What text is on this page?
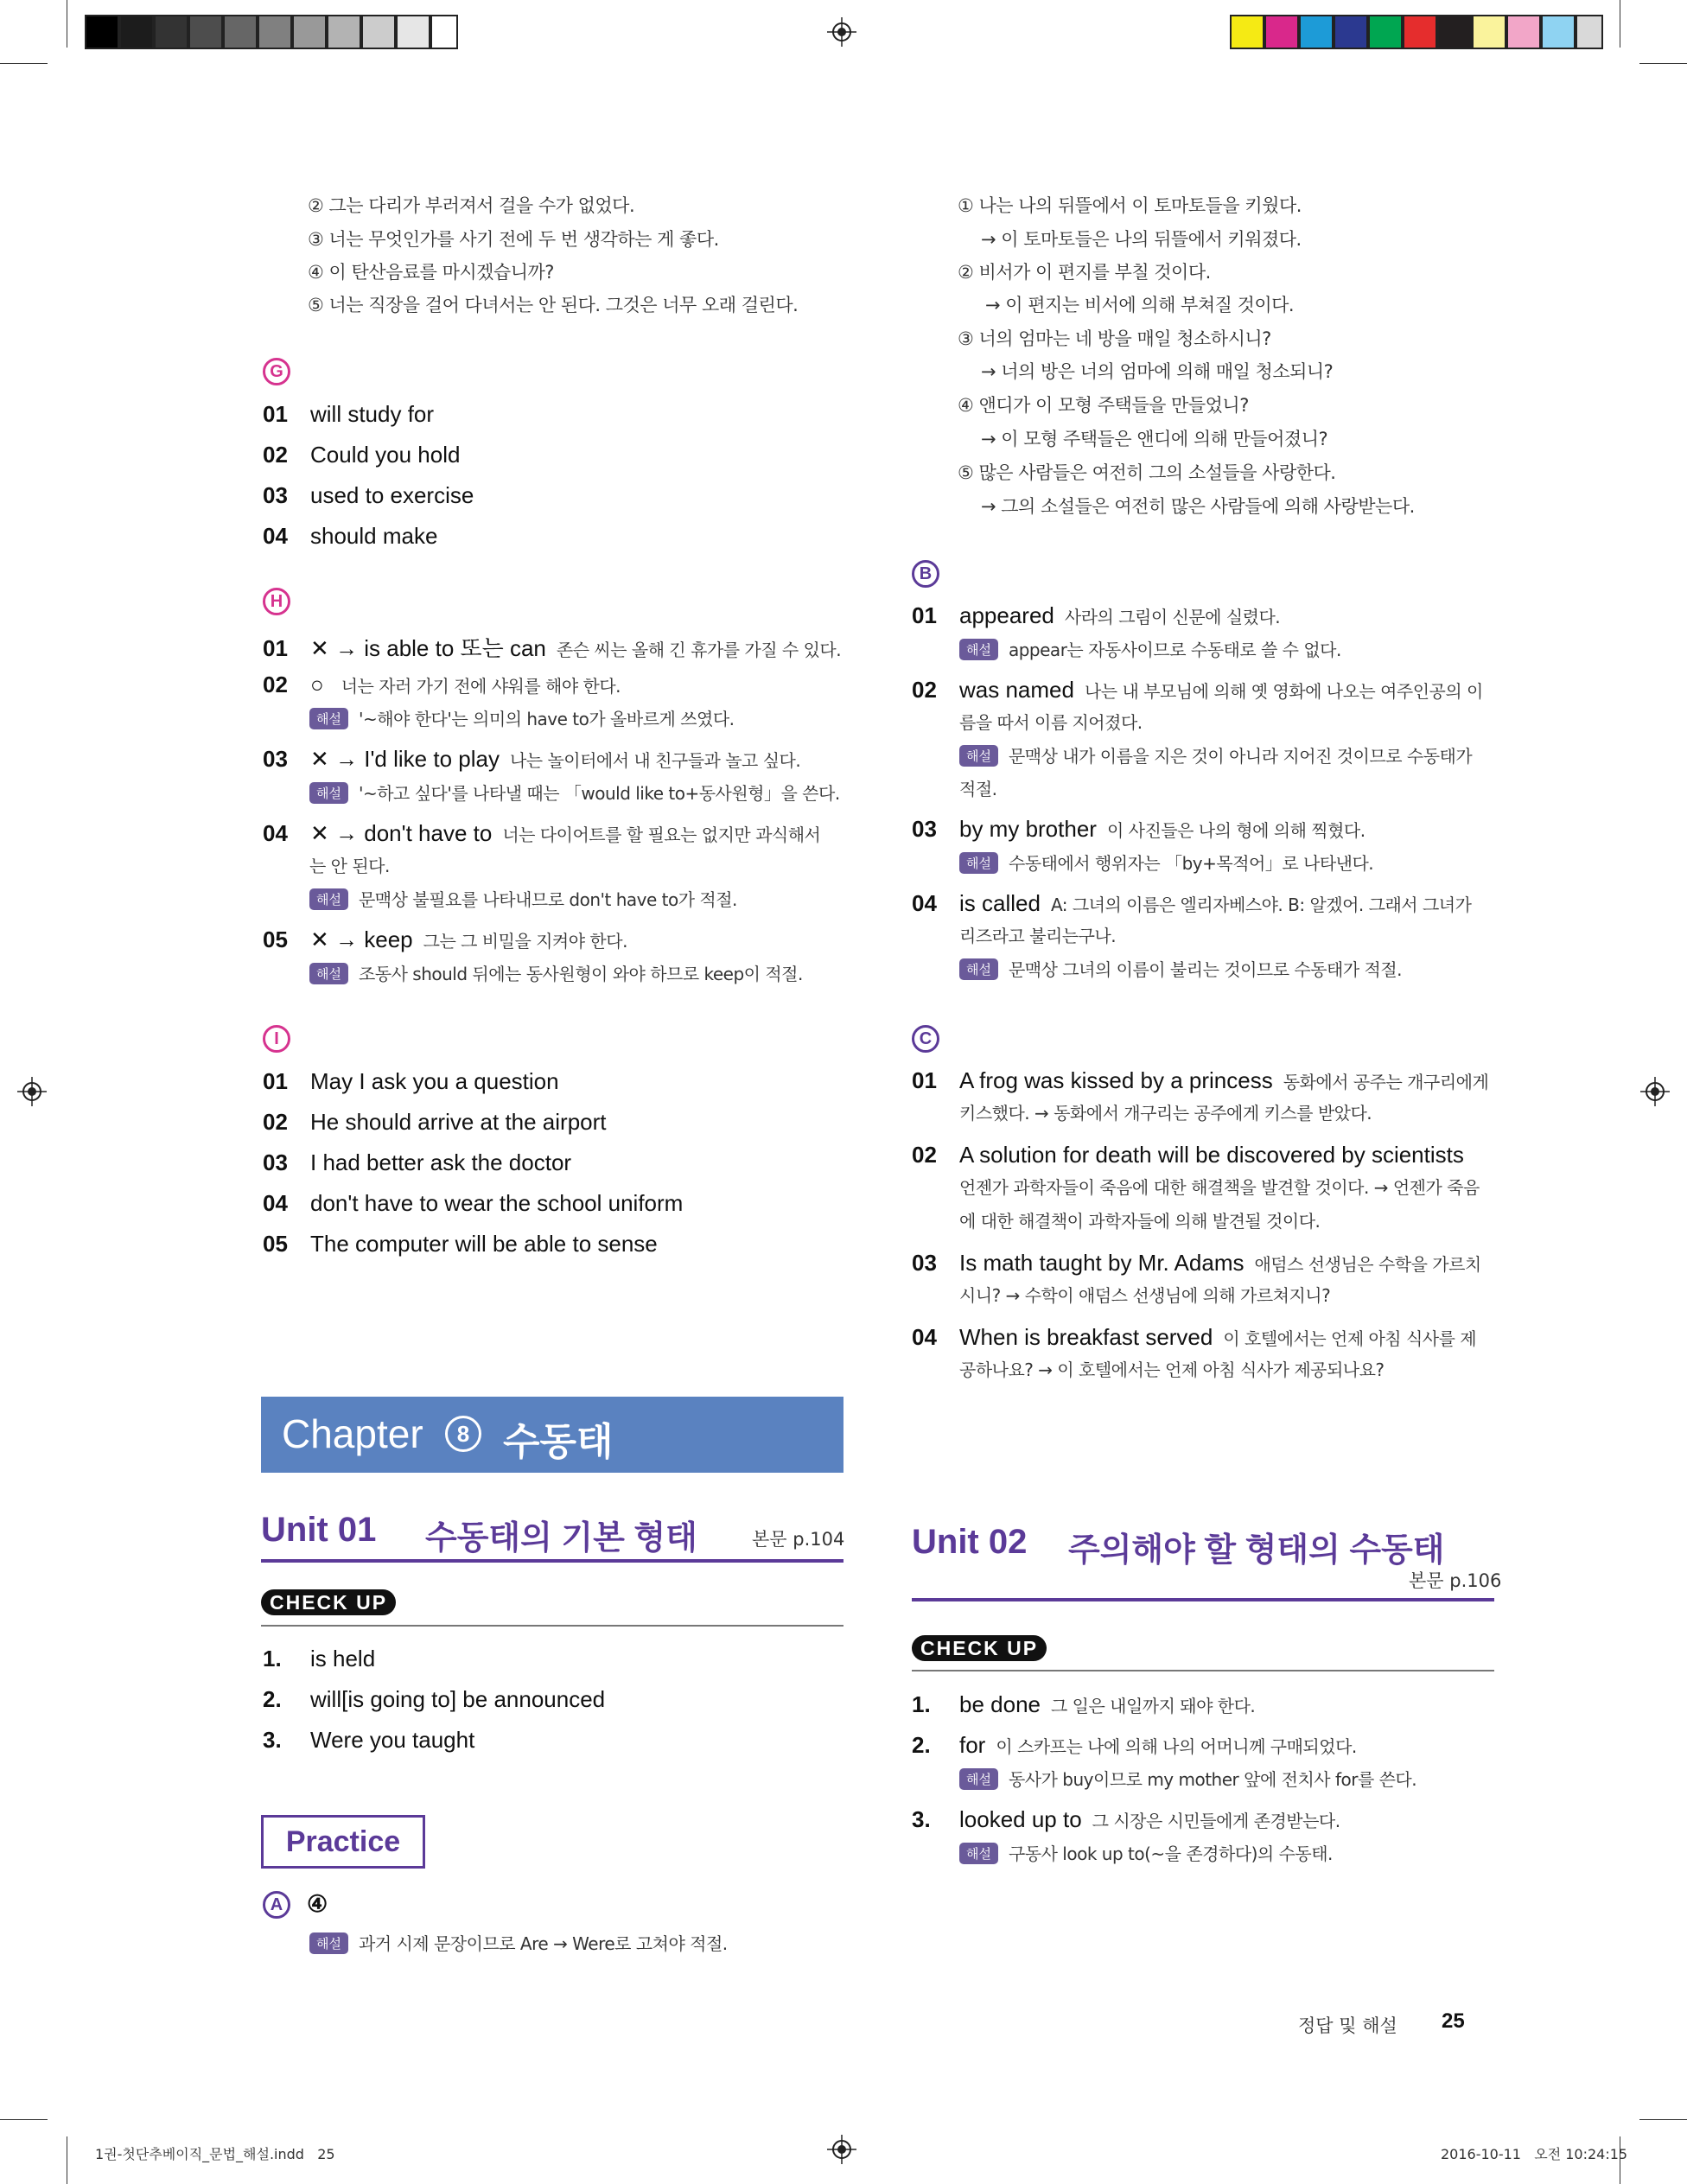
② 그는 다리가 부러져서 걸을 수가 없었다.
③ 너는 무엇인가를 사기 전에 두 번 생각하는 게 좋다.
④ 이 탄산음료를 마시겠습니까?
⑤ 너는 직장을 걸어 다녀서는 안 된다. 그것은 너무 오래 걸린다.
G
01 will study for
02 Could you hold
03 used to exercise
04 should make
H
01 ✕ → is able to 또는 can 존슨 씨는 올해 긴 휴가를 가질 수 있다.
02 ○ 너는 자러 가기 전에 샤워를 해야 한다.
해설 '~해야 한다'는 의미의 have to가 올바르게 쓰였다.
03 ✕ → I'd like to play 나는 놀이터에서 내 친구들과 놀고 싶다.
해설 '~하고 싶다'를 나타낼 때는 「would like to+동사원형」을 쓴다.
04 ✕ → don't have to 너는 다이어트를 할 필요는 없지만 과식해서
는 안 된다.
해설 문맥상 불필요를 나타내므로 don't have to가 적절.
05 ✕ → keep 그는 그 비밀을 지켜야 한다.
해설 조동사 should 뒤에는 동사원형이 와야 하므로 keep이 적절.
I
01 May I ask you a question
02 He should arrive at the airport
03 I had better ask the doctor
04 don't have to wear the school uniform
05 The computer will be able to sense
Chapter	8 수동태
Unit 01 수동태의 기본 형태	본문 p.104
CHECK UP
1. is held
2. will[is going to] be announced
3. Were you taught
Practice
A	④
해설 과거 시제 문장이므로 Are → Were로 고쳐야 적절.
① 나는 나의 뒤뜰에서 이 토마토들을 키웠다.
→ 이 토마토들은 나의 뒤뜰에서 키워졌다.
② 비서가 이 편지를 부칠 것이다.
→ 이 편지는 비서에 의해 부쳐질 것이다.
③ 너의 엄마는 네 방을 매일 청소하시니?
→ 너의 방은 너의 엄마에 의해 매일 청소되니?
④ 앤디가 이 모형 주택들을 만들었니?
→ 이 모형 주택들은 앤디에 의해 만들어졌니?
⑤ 많은 사람들은 여전히 그의 소설들을 사랑한다.
→ 그의 소설들은 여전히 많은 사람들에 의해 사랑받는다.
B
01 appeared 사라의 그림이 신문에 실렸다.
해설 appear는 자동사이므로 수동태로 쓸 수 없다.
02 was named 나는 내 부모님에 의해 옛 영화에 나오는 여주인공의 이
름을 따서 이름 지어졌다.
해설 문맥상 내가 이름을 지은 것이 아니라 지어진 것이므로 수동태가
적절.
03 by my brother 이 사진들은 나의 형에 의해 찍혔다.
해설 수동태에서 행위자는 「by+목적어」로 나타낸다.
04 is called A: 그녀의 이름은 엘리자베스야. B: 알겠어. 그래서 그녀가
리즈라고 불리는구나.
해설 문맥상 그녀의 이름이 불리는 것이므로 수동태가 적절.
C
01 A frog was kissed by a princess 동화에서 공주는 개구리에게
키스했다. → 동화에서 개구리는 공주에게 키스를 받았다.
02 A solution for death will be discovered by scientists
언젠가 과학자들이 죽음에 대한 해결책을 발견할 것이다. → 언젠가 죽음
에 대한 해결책이 과학자들에 의해 발견될 것이다.
03 Is math taught by Mr. Adams 애덤스 선생님은 수학을 가르치
시니? → 수학이 애덤스 선생님에 의해 가르쳐지니?
04 When is breakfast served 이 호텔에서는 언제 아침 식사를 제
공하나요? → 이 호텔에서는 언제 아침 식사가 제공되나요?
Unit 02 주의해야 할 형태의 수동태
본문 p.106
CHECK UP
1. be done 그 일은 내일까지 돼야 한다.
2. for 이 스카프는 나에 의해 나의 어머니께 구매되었다.
해설 동사가 buy이므로 my mother 앞에 전치사 for를 쓴다.
3. looked up to 그 시장은 시민들에게 존경받는다.
해설 구동사 look up to(~을 존경하다)의 수동태.
정답 및 해설 25
1권-첫단추베이직_문법_해설.indd   25	2016-10-11   오전 10:24:15
